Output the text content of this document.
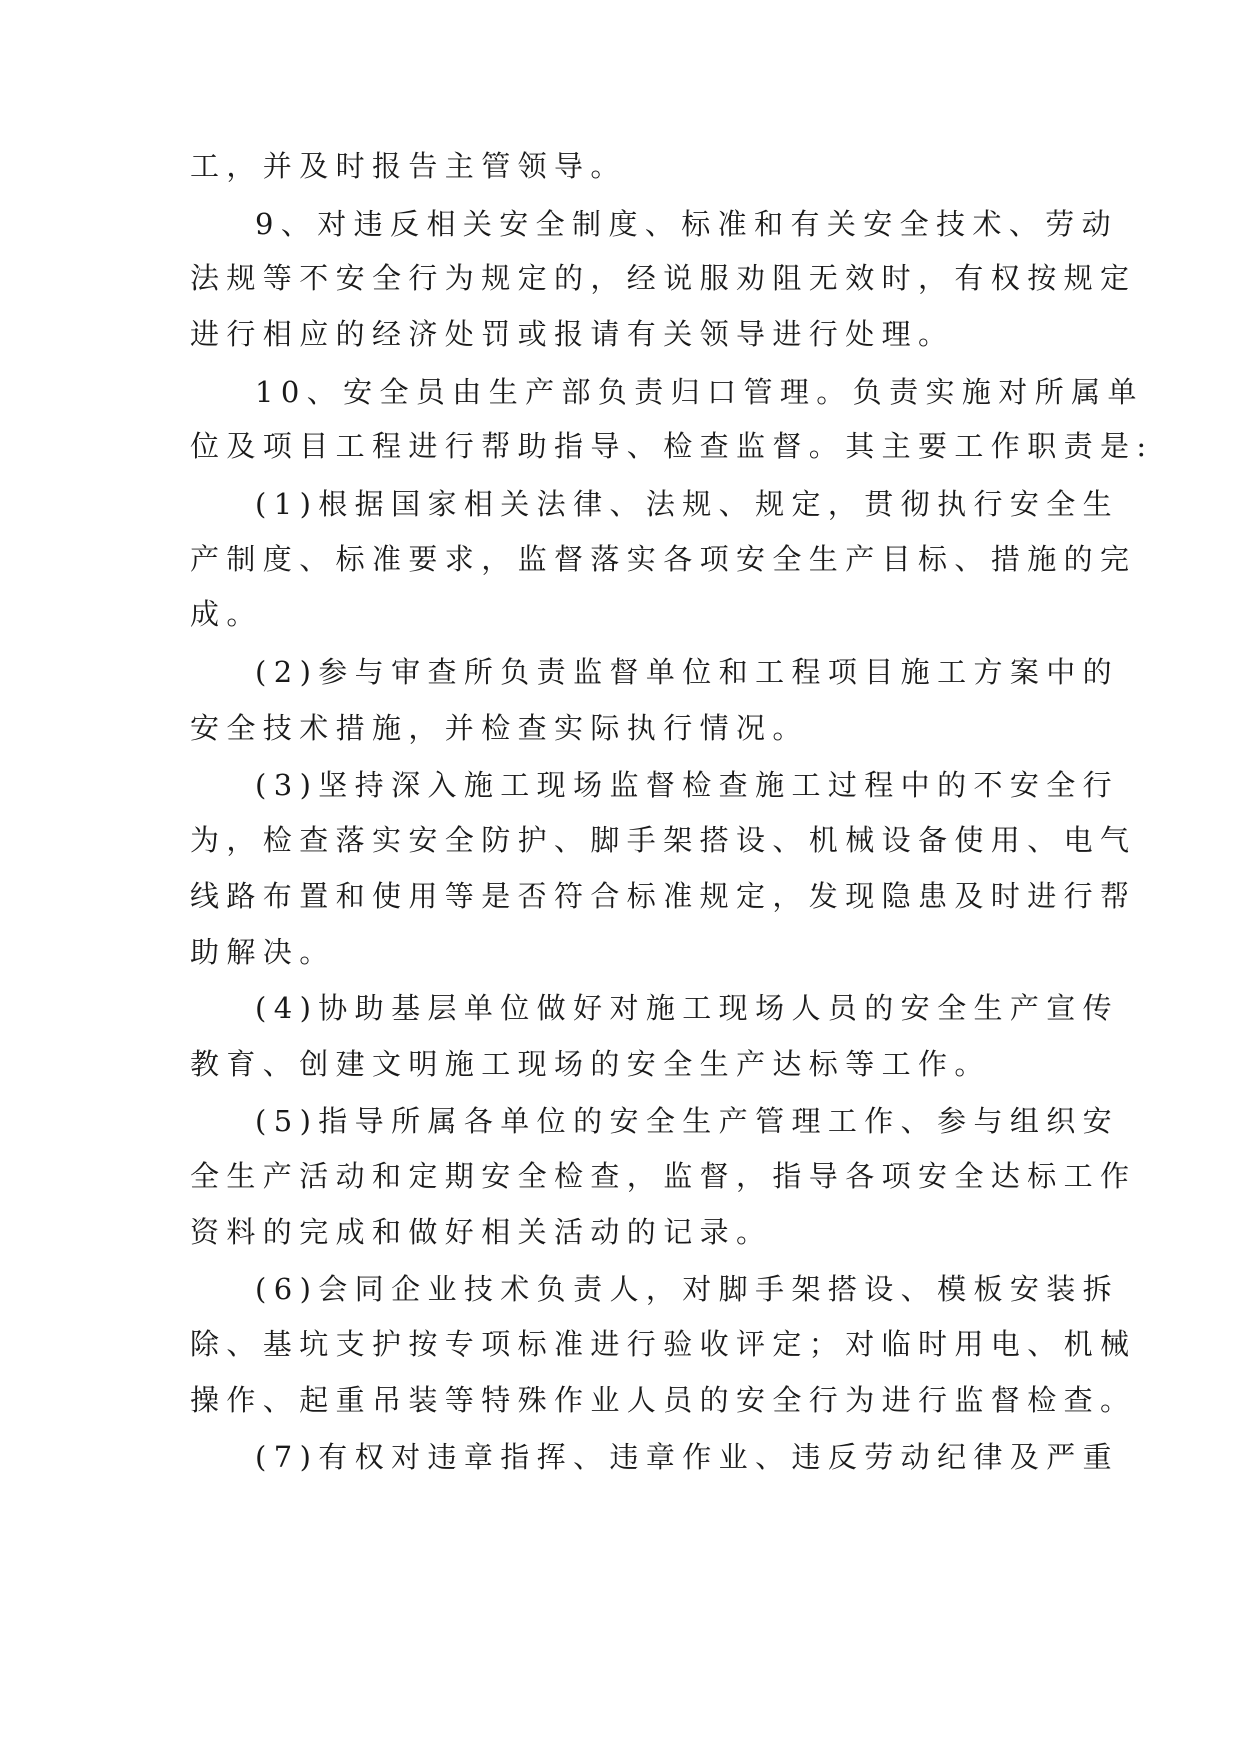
工，并及时报告主管领导。
9、对违反相关安全制度、标准和有关安全技术、劳动
法规等不安全行为规定的，经说服劝阻无效时，有权按规定
进行相应的经济处罚或报请有关领导进行处理。
10、安全员由生产部负责归口管理。负责实施对所属单
位及项目工程进行帮助指导、检查监督。其主要工作职责是:
(1)根据国家相关法律、法规、规定，贯彻执行安全生
产制度、标准要求，监督落实各项安全生产目标、措施的完
成。
(2)参与审查所负责监督单位和工程项目施工方案中的
安全技术措施，并检查实际执行情况。
(3)坚持深入施工现场监督检查施工过程中的不安全行
为，检查落实安全防护、脚手架搭设、机械设备使用、电气
线路布置和使用等是否符合标准规定，发现隐患及时进行帮
助解决。
(4)协助基层单位做好对施工现场人员的安全生产宣传
教育、创建文明施工现场的安全生产达标等工作。
(5)指导所属各单位的安全生产管理工作、参与组织安
全生产活动和定期安全检查，监督，指导各项安全达标工作
资料的完成和做好相关活动的记录。
(6)会同企业技术负责人，对脚手架搭设、模板安装拆
除、基坑支护按专项标准进行验收评定；对临时用电、机械
操作、起重吊装等特殊作业人员的安全行为进行监督检查。
(7)有权对违章指挥、违章作业、违反劳动纪律及严重
